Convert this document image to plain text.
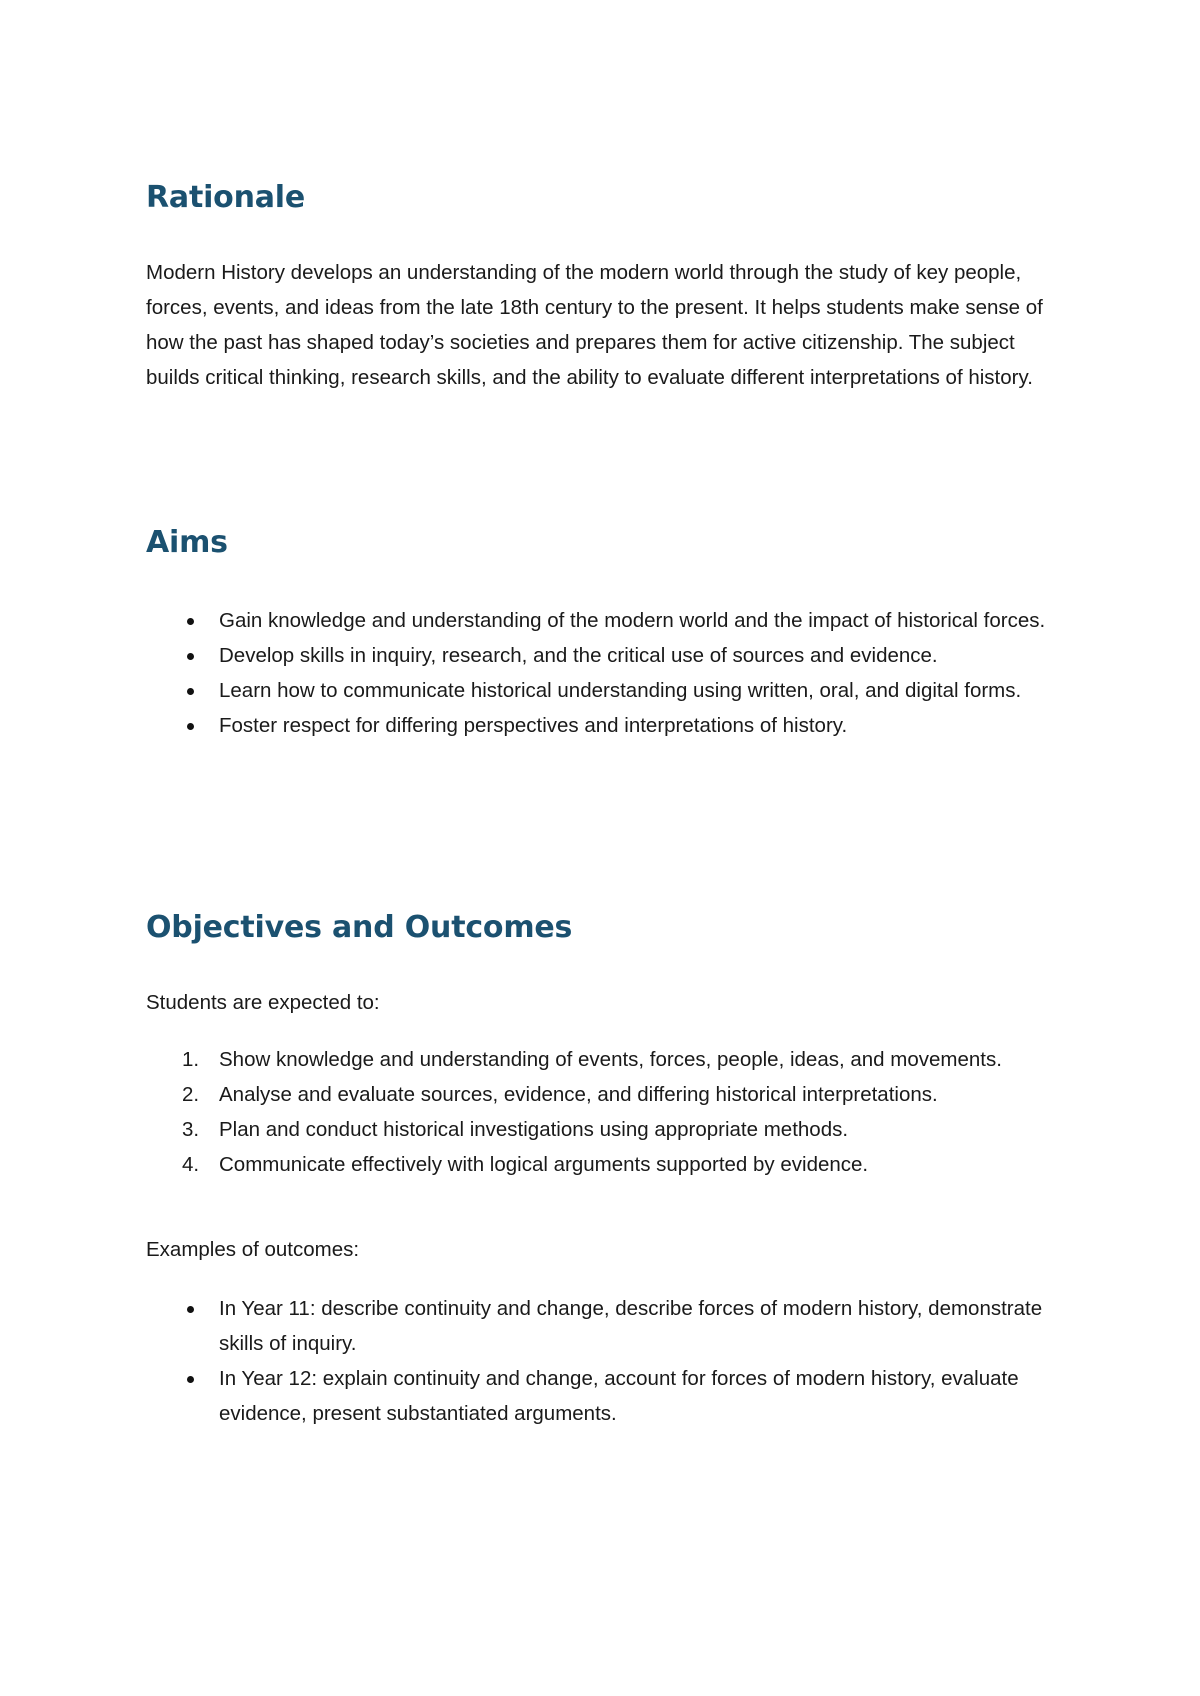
Rationale

Modern History develops an understanding of the modern world through the study of key people, forces, events, and ideas from the late 18th century to the present. It helps students make sense of how the past has shaped today’s societies and prepares them for active citizenship. The subject builds critical thinking, research skills, and the ability to evaluate different interpretations of history.

Aims
Gain knowledge and understanding of the modern world and the impact of historical forces.
Develop skills in inquiry, research, and the critical use of sources and evidence.
Learn how to communicate historical understanding using written, oral, and digital forms.
Foster respect for differing perspectives and interpretations of history.
Objectives and Outcomes

Students are expected to:

1. Show knowledge and understanding of events, forces, people, ideas, and movements.
2. Analyse and evaluate sources, evidence, and differing historical interpretations.
3. Plan and conduct historical investigations using appropriate methods.
4. Communicate effectively with logical arguments supported by evidence.

Examples of outcomes:

In Year 11: describe continuity and change, describe forces of modern history, demonstrate skills of inquiry.
In Year 12: explain continuity and change, account for forces of modern history, evaluate evidence, present substantiated arguments.
